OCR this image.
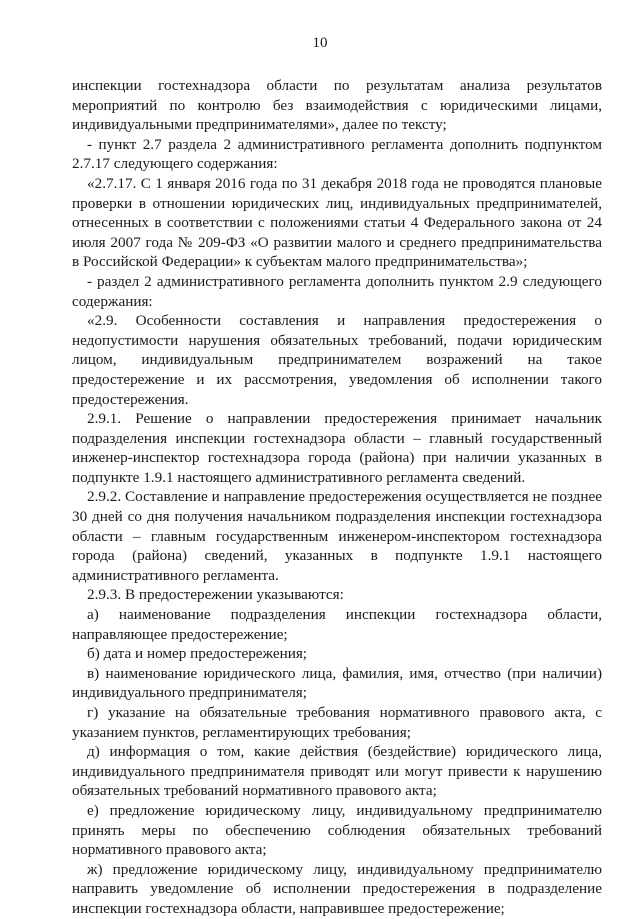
10

инспекции гостехнадзора области по результатам анализа результатов мероприятий по контролю без взаимодействия с юридическими лицами, индивидуальными предпринимателями», далее по тексту;

- пункт 2.7 раздела 2 административного регламента дополнить подпунктом 2.7.17 следующего содержания:

«2.7.17. С 1 января 2016 года по 31 декабря 2018 года не проводятся плановые проверки в отношении юридических лиц, индивидуальных предпринимателей, отнесенных в соответствии с положениями статьи 4 Федерального закона от 24 июля 2007 года № 209-ФЗ «О развитии малого и среднего предпринимательства в Российской Федерации» к субъектам малого предпринимательства»;

- раздел 2 административного регламента дополнить пунктом 2.9 следующего содержания:

«2.9. Особенности составления и направления предостережения о недопустимости нарушения обязательных требований, подачи юридическим лицом, индивидуальным предпринимателем возражений на такое предостережение и их рассмотрения, уведомления об исполнении такого предостережения.

2.9.1. Решение о направлении предостережения принимает начальник подразделения инспекции гостехнадзора области – главный государственный инженер-инспектор гостехнадзора города (района) при наличии указанных в подпункте 1.9.1 настоящего административного регламента сведений.

2.9.2. Составление и направление предостережения осуществляется не позднее 30 дней со дня получения начальником подразделения инспекции гостехнадзора области – главным государственным инженером-инспектором гостехнадзора города (района) сведений, указанных в подпункте 1.9.1 настоящего административного регламента.

2.9.3. В предостережении указываются:

а) наименование подразделения инспекции гостехнадзора области, направляющее предостережение;

б) дата и номер предостережения;

в) наименование юридического лица, фамилия, имя, отчество (при наличии) индивидуального предпринимателя;

г) указание на обязательные требования нормативного правового акта, с указанием пунктов, регламентирующих требования;

д) информация о том, какие действия (бездействие) юридического лица, индивидуального предпринимателя приводят или могут привести к нарушению обязательных требований нормативного правового акта;

е) предложение юридическому лицу, индивидуальному предпринимателю принять меры по обеспечению соблюдения обязательных требований нормативного правового акта;

ж) предложение юридическому лицу, индивидуальному предпринимателю направить уведомление об исполнении предостережения в подразделение инспекции гостехнадзора области, направившее предостережение;
